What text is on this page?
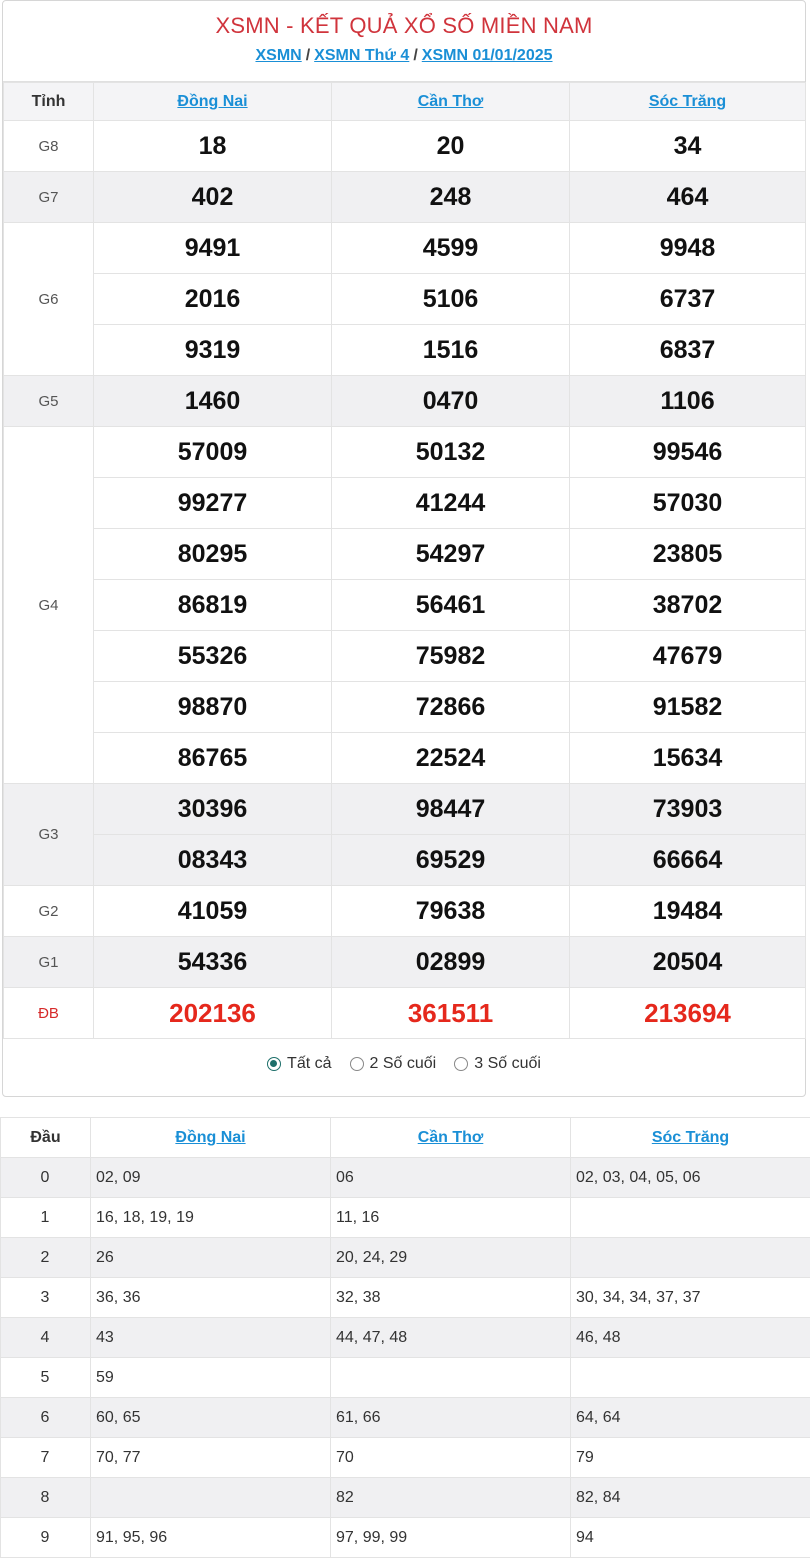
XSMN - KẾT QUẢ XỔ SỐ MIỀN NAM
XSMN / XSMN Thứ 4 / XSMN 01/01/2025
Tỉnh	Đồng Nai	Cần Thơ	Sóc Trăng
G8	18	20	34
G7	402	248	464
G6	9491	4599	9948
	2016	5106	6737
	9319	1516	6837
G5	1460	0470	1106
G4	57009	50132	99546
	99277	41244	57030
	80295	54297	23805
	86819	56461	38702
	55326	75982	47679
	98870	72866	91582
	86765	22524	15634
G3	30396	98447	73903
	08343	69529	66664
G2	41059	79638	19484
G1	54336	02899	20504
ĐB	202136	361511	213694
Tất cả 2 Số cuối 3 Số cuối
Đầu	Đồng Nai	Cần Thơ	Sóc Trăng
0	02, 09	06	02, 03, 04, 05, 06
1	16, 18, 19, 19	11, 16	
2	26	20, 24, 29	
3	36, 36	32, 38	30, 34, 34, 37, 37
4	43	44, 47, 48	46, 48
5	59		
6	60, 65	61, 66	64, 64
7	70, 77	70	79
8		82	82, 84
9	91, 95, 96	97, 99, 99	94
